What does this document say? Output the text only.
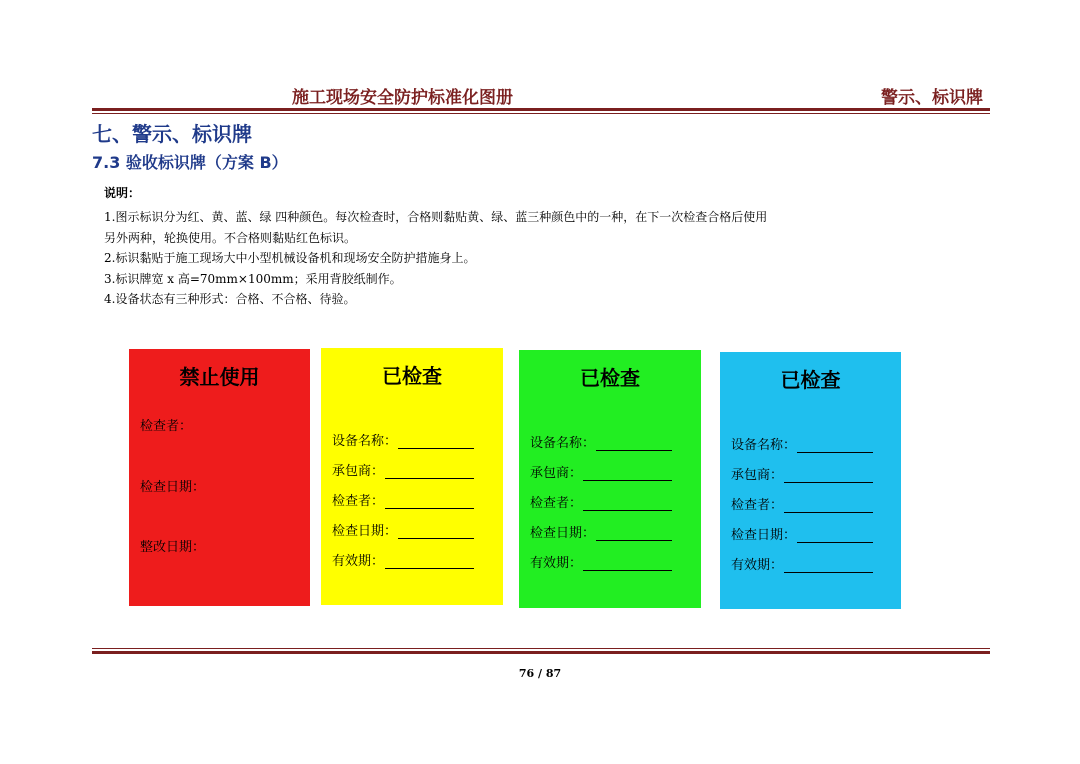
施工现场安全防护标准化图册	警示、标识牌
七、警示、标识牌
7.3 验收标识牌（方案 B）
说明：
1.图示标识分为红、黄、蓝、绿 四种颜色。每次检查时，合格则黏贴黄、绿、蓝三种颜色中的一种，在下一次检查合格后使用
另外两种，轮换使用。不合格则黏贴红色标识。
2.标识黏贴于施工现场大中小型机械设备机和现场安全防护措施身上。
3.标识牌宽 x 高=70mm×100mm；采用背胶纸制作。
4.设备状态有三种形式：合格、不合格、待验。
禁止使用
检查者：
检查日期：
整改日期：
已检查
设备名称：
承包商：
检查者：
检查日期：
有效期：
已检查
设备名称：
承包商：
检查者：
检查日期：
有效期：
已检查
设备名称：
承包商：
检查者：
检查日期：
有效期：
76 / 87
